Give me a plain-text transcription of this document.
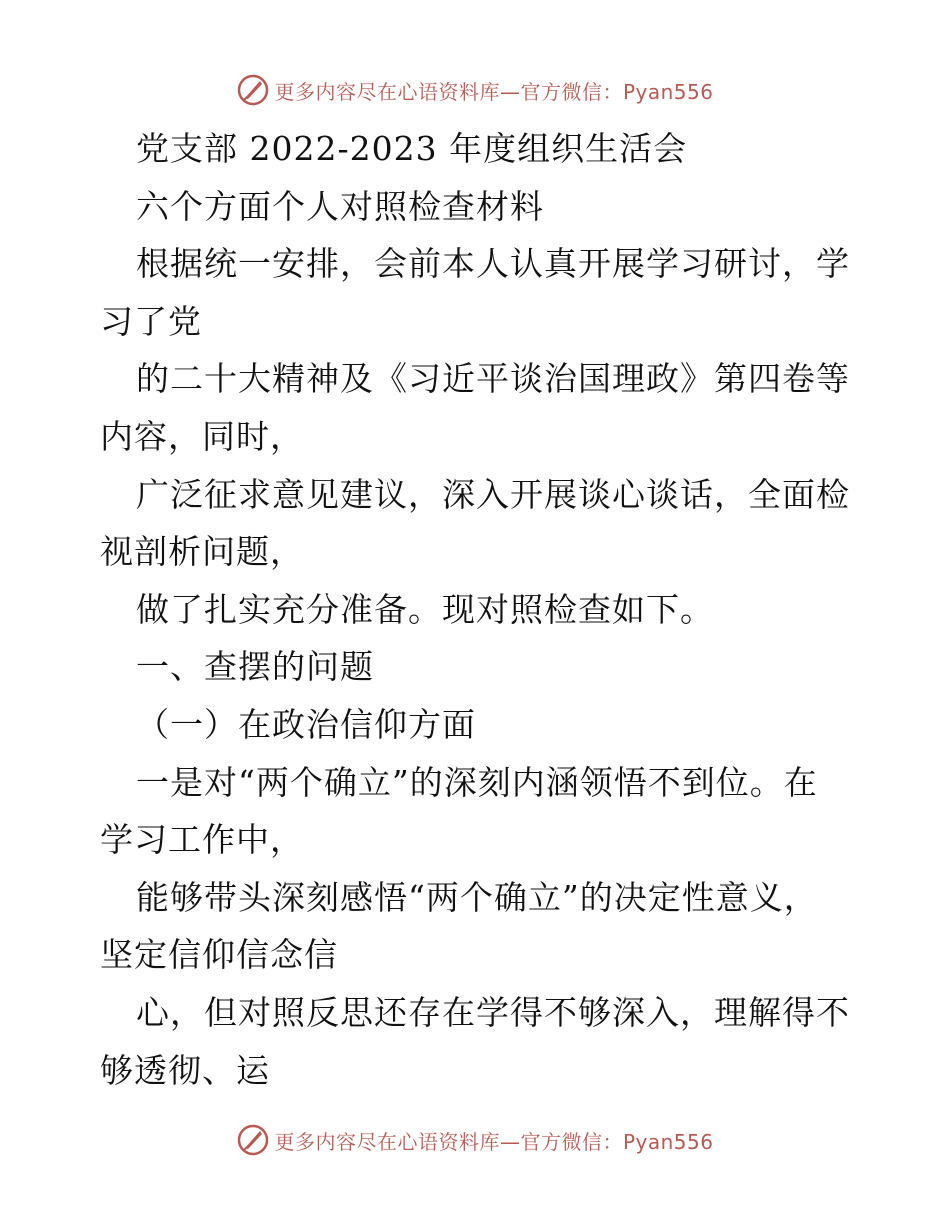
更多内容尽在心语资料库—官方微信：Pyan556
党支部 2022-2023 年度组织生活会
六个方面个人对照检查材料
根据统一安排，会前本人认真开展学习研讨，学
习了党
的二十大精神及《习近平谈治国理政》第四卷等
内容，同时，
广泛征求意见建议，深入开展谈心谈话，全面检
视剖析问题，
做了扎实充分准备。现对照检查如下。
一、查摆的问题
（一）在政治信仰方面
一是对“两个确立”的深刻内涵领悟不到位。在
学习工作中，
能够带头深刻感悟“两个确立”的决定性意义，
坚定信仰信念信
心，但对照反思还存在学得不够深入，理解得不
够透彻、运
更多内容尽在心语资料库—官方微信：Pyan556
